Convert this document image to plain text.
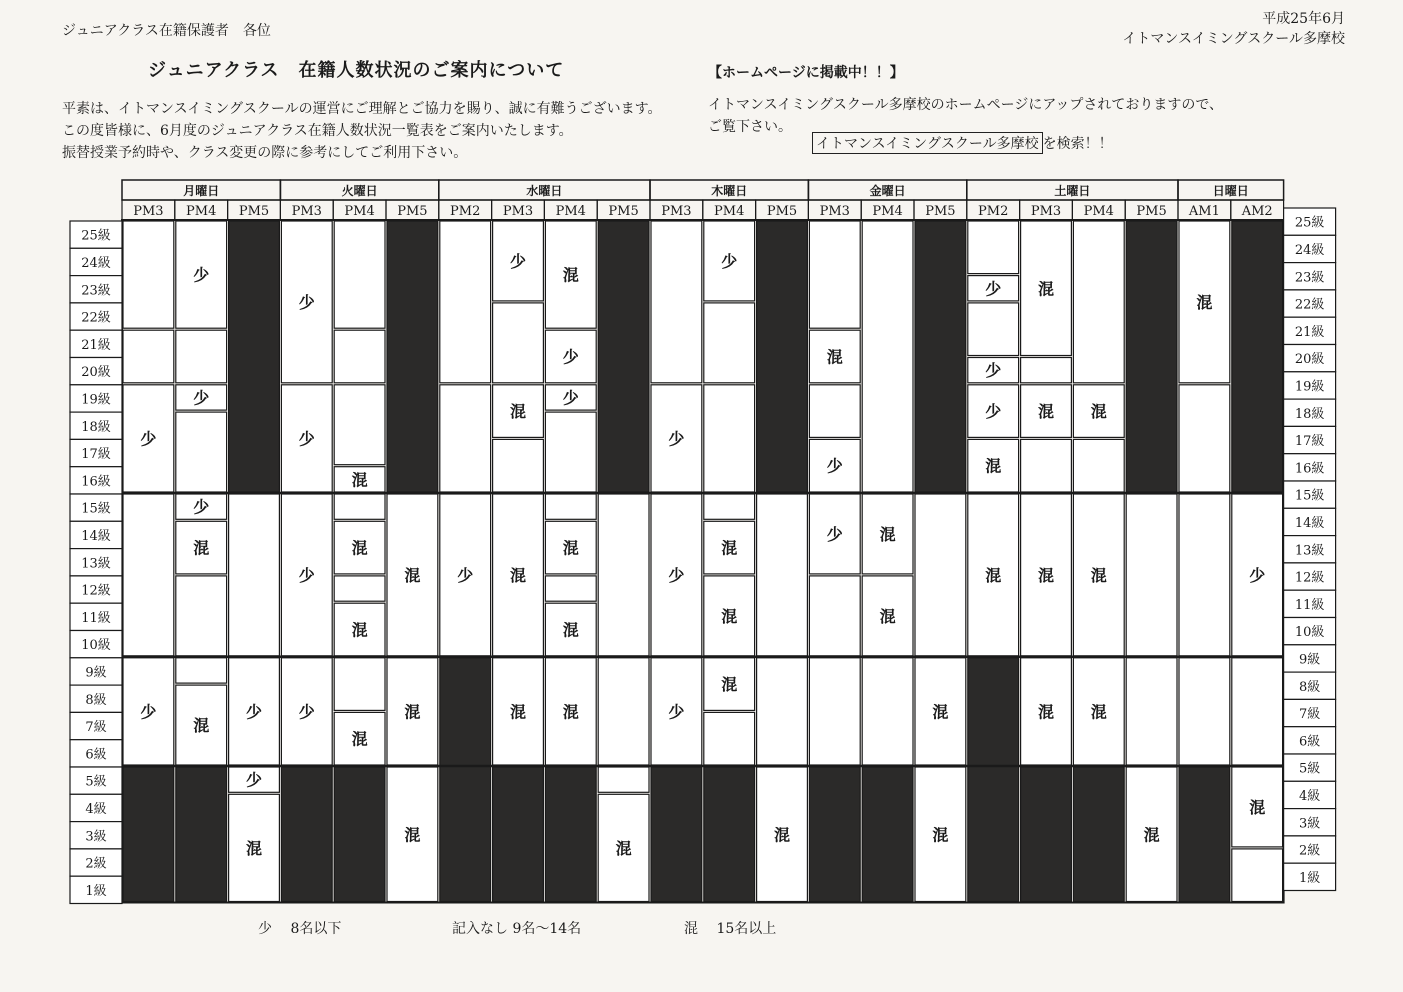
ジュニアクラス在籍保護者　各位
平成25年6月
イトマンスイミングスクール多摩校
ジュニアクラス　在籍人数状況のご案内について
平素は、イトマンスイミングスクールの運営にご理解とご協力を賜り、誠に有難うございます。
この度皆様に、6月度のジュニアクラス在籍人数状況一覧表をご案内いたします。
振替授業予約時や、クラス変更の際に参考にしてご利用下さい。
【ホームページに掲載中！！】
イトマンスイミングスクール多摩校のホームページにアップされておりますので、
ご覧下さい。
イトマンスイミングスクール多摩校 を検索！！
月曜日
PM3 PM4 PM5
火曜日
PM3 PM4 PM5
水曜日
PM2 PM3 PM4 PM5
木曜日
PM3 PM4 PM5
金曜日
PM3 PM4 PM5
土曜日
PM2 PM3 PM4 PM5
日曜日
AM1 AM2
少
少
少
少
少
混
混
少
少
混
少
少
少
少
混
混
混
混
混
混
混
少
少
混
混
混
混
少
少
混
混
混
混
少
少
少
少
混
混
混
混
混
少
少 混
混
混
混
少
少
少
混
混
混
混
混
混
混
混
混
混
混
少
混
25級
25級
24級
24級
23級
23級
22級
22級
21級
21級
20級
20級
19級
19級
18級
18級
17級
17級
16級
16級
15級
15級
14級
14級
13級
13級
12級
12級
11級
11級
10級
10級
9級
9級
8級
8級
7級
7級
6級
6級
5級
5級
4級
4級
3級
3級
2級
2級
1級
1級
少 8名以下	記入なし 9名〜14名	混 15名以上
